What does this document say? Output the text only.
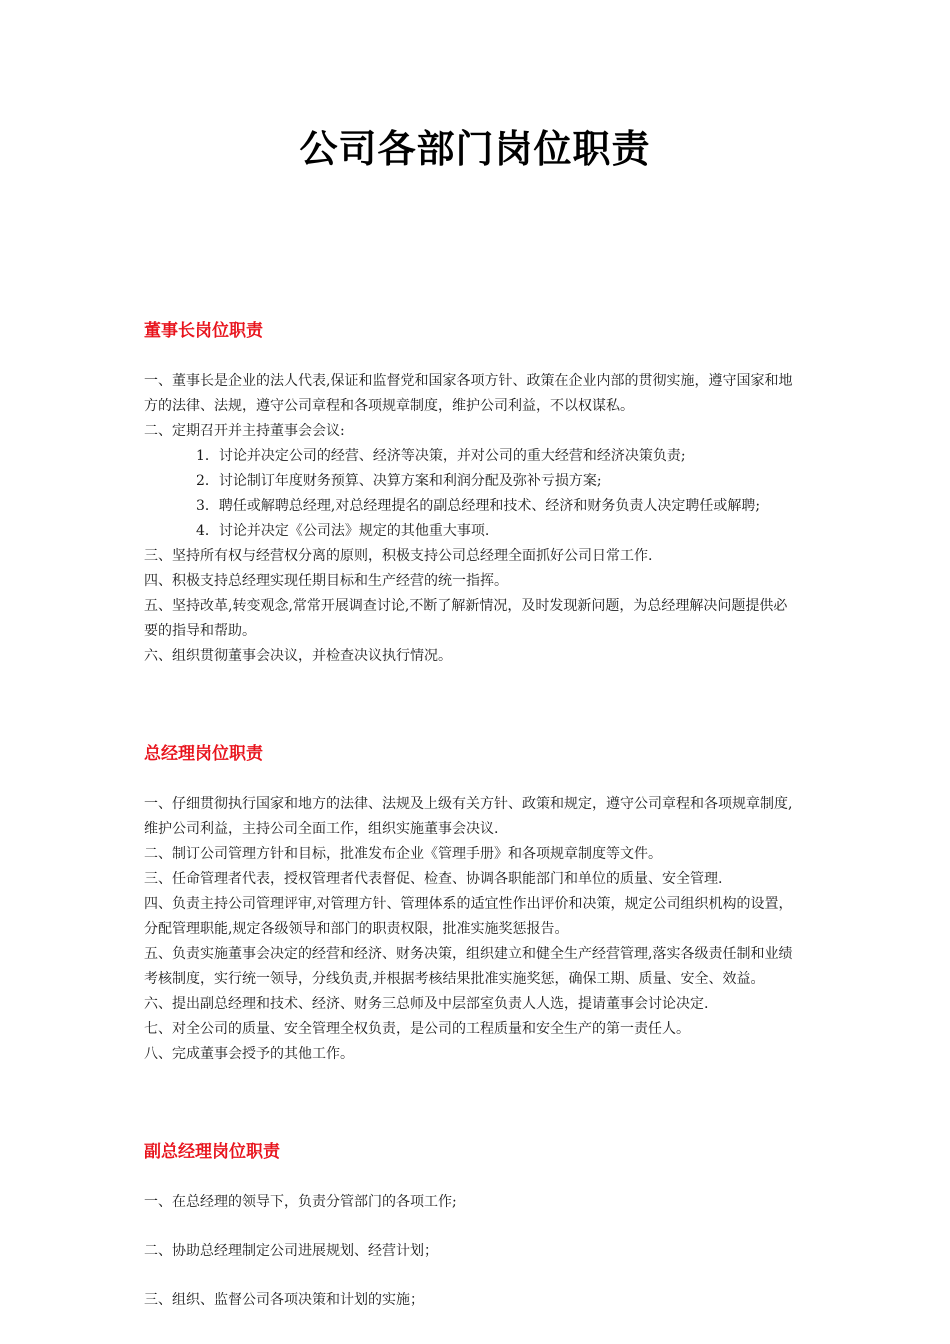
公司各部门岗位职责
董事长岗位职责

一、董事长是企业的法人代表,保证和监督党和国家各项方针、政策在企业内部的贯彻实施，遵守国家和地

方的法律、法规，遵守公司章程和各项规章制度，维护公司利益，不以权谋私。

二、定期召开并主持董事会会议:

1．讨论并决定公司的经营、经济等决策，并对公司的重大经营和经济决策负责;

2．讨论制订年度财务预算、决算方案和利润分配及弥补亏损方案;

3．聘任或解聘总经理,对总经理提名的副总经理和技术、经济和财务负责人决定聘任或解聘;

4．讨论并决定《公司法》规定的其他重大事项.

三、坚持所有权与经营权分离的原则，积极支持公司总经理全面抓好公司日常工作.

四、积极支持总经理实现任期目标和生产经营的统一指挥。

五、坚持改革,转变观念,常常开展调查讨论,不断了解新情况，及时发现新问题，为总经理解决问题提供必

要的指导和帮助。

六、组织贯彻董事会决议，并检查决议执行情况。

总经理岗位职责

一、仔细贯彻执行国家和地方的法律、法规及上级有关方针、政策和规定，遵守公司章程和各项规章制度,

维护公司利益，主持公司全面工作，组织实施董事会决议.

二、制订公司管理方针和目标，批准发布企业《管理手册》和各项规章制度等文件。

三、任命管理者代表，授权管理者代表督促、检查、协调各职能部门和单位的质量、安全管理.

四、负责主持公司管理评审,对管理方针、管理体系的适宜性作出评价和决策，规定公司组织机构的设置，

分配管理职能,规定各级领导和部门的职责权限，批准实施奖惩报告。

五、负责实施董事会决定的经营和经济、财务决策，组织建立和健全生产经营管理,落实各级责任制和业绩

考核制度，实行统一领导，分线负责,并根据考核结果批准实施奖惩，确保工期、质量、安全、效益。

六、提出副总经理和技术、经济、财务三总师及中层部室负责人人选，提请董事会讨论决定.

七、对全公司的质量、安全管理全权负责，是公司的工程质量和安全生产的第一责任人。

八、完成董事会授予的其他工作。

副总经理岗位职责

一、在总经理的领导下，负责分管部门的各项工作;

二、协助总经理制定公司进展规划、经营计划；

三、组织、监督公司各项决策和计划的实施；
